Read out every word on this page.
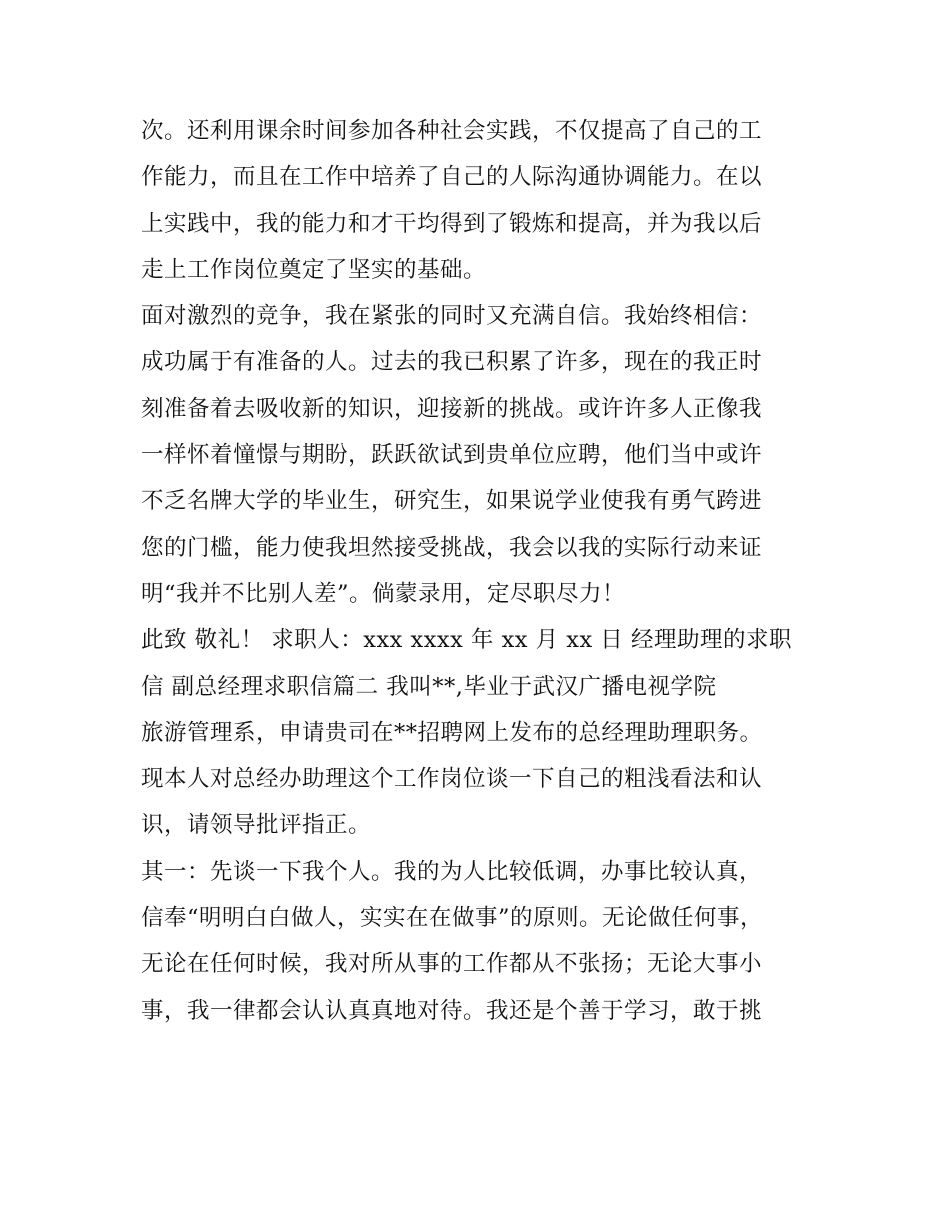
次。还利用课余时间参加各种社会实践，不仅提高了自己的工
作能力，而且在工作中培养了自己的人际沟通协调能力。在以
上实践中，我的能力和才干均得到了锻炼和提高，并为我以后
走上工作岗位奠定了坚实的基础。
面对激烈的竞争，我在紧张的同时又充满自信。我始终相信：
成功属于有准备的人。过去的我已积累了许多，现在的我正时
刻准备着去吸收新的知识，迎接新的挑战。或许许多人正像我
一样怀着憧憬与期盼，跃跃欲试到贵单位应聘，他们当中或许
不乏名牌大学的毕业生，研究生，如果说学业使我有勇气跨进
您的门槛，能力使我坦然接受挑战，我会以我的实际行动来证
明“我并不比别人差”。倘蒙录用，定尽职尽力！
此致 敬礼！ 求职人：xxx xxxx 年 xx 月 xx 日 经理助理的求职
信 副总经理求职信篇二 我叫**,毕业于武汉广播电视学院
旅游管理系，申请贵司在**招聘网上发布的总经理助理职务。
现本人对总经办助理这个工作岗位谈一下自己的粗浅看法和认
识，请领导批评指正。
其一：先谈一下我个人。我的为人比较低调，办事比较认真，
信奉“明明白白做人，实实在在做事”的原则。无论做任何事，
无论在任何时候，我对所从事的工作都从不张扬；无论大事小
事，我一律都会认认真真地对待。我还是个善于学习，敢于挑
